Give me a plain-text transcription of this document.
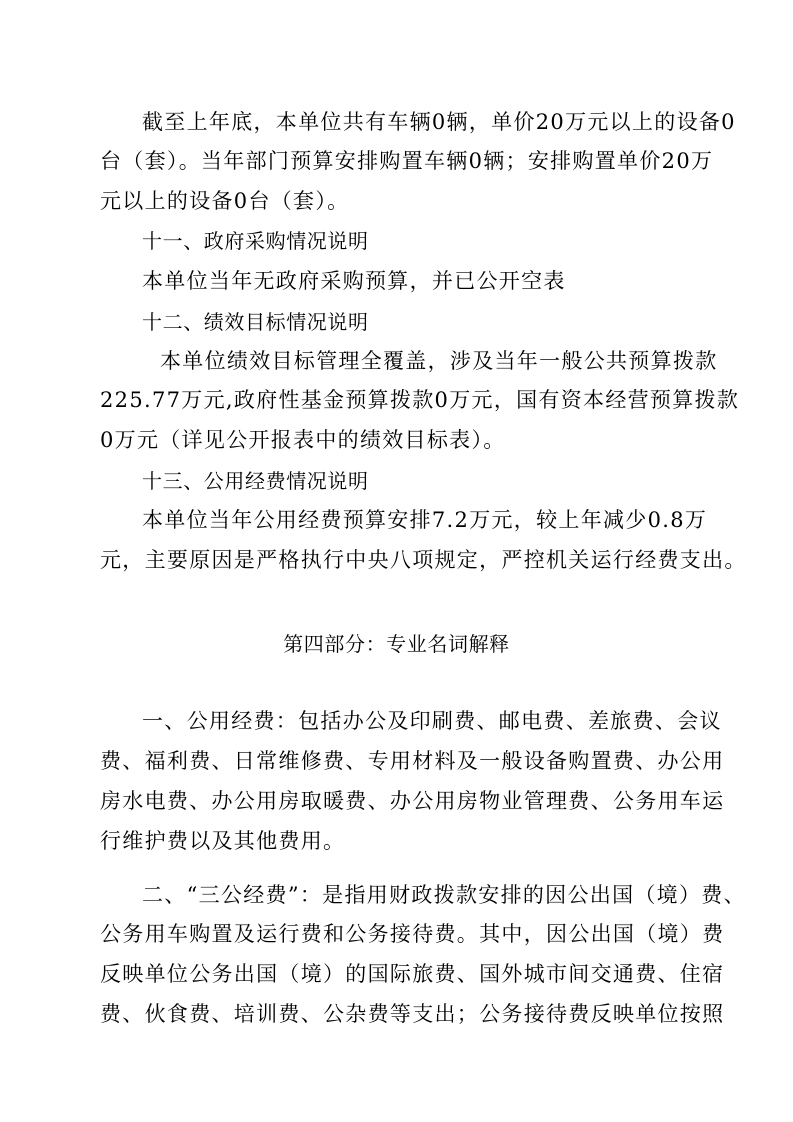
截至上年底，本单位共有车辆0辆，单价20万元以上的设备0
台（套）。当年部门预算安排购置车辆0辆；安排购置单价20万
元以上的设备0台（套）。
十一、政府采购情况说明
本单位当年无政府采购预算，并已公开空表
十二、绩效目标情况说明
本单位绩效目标管理全覆盖，涉及当年一般公共预算拨款
225.77万元,政府性基金预算拨款0万元，国有资本经营预算拨款
0万元（详见公开报表中的绩效目标表）。
十三、公用经费情况说明
本单位当年公用经费预算安排7.2万元，较上年减少0.8万
元，主要原因是严格执行中央八项规定，严控机关运行经费支出。
第四部分：专业名词解释
一、公用经费：包括办公及印刷费、邮电费、差旅费、会议
费、福利费、日常维修费、专用材料及一般设备购置费、办公用
房水电费、办公用房取暖费、办公用房物业管理费、公务用车运
行维护费以及其他费用。
二、“三公经费”：是指用财政拨款安排的因公出国（境）费、
公务用车购置及运行费和公务接待费。其中，因公出国（境）费
反映单位公务出国（境）的国际旅费、国外城市间交通费、住宿
费、伙食费、培训费、公杂费等支出；公务接待费反映单位按照
